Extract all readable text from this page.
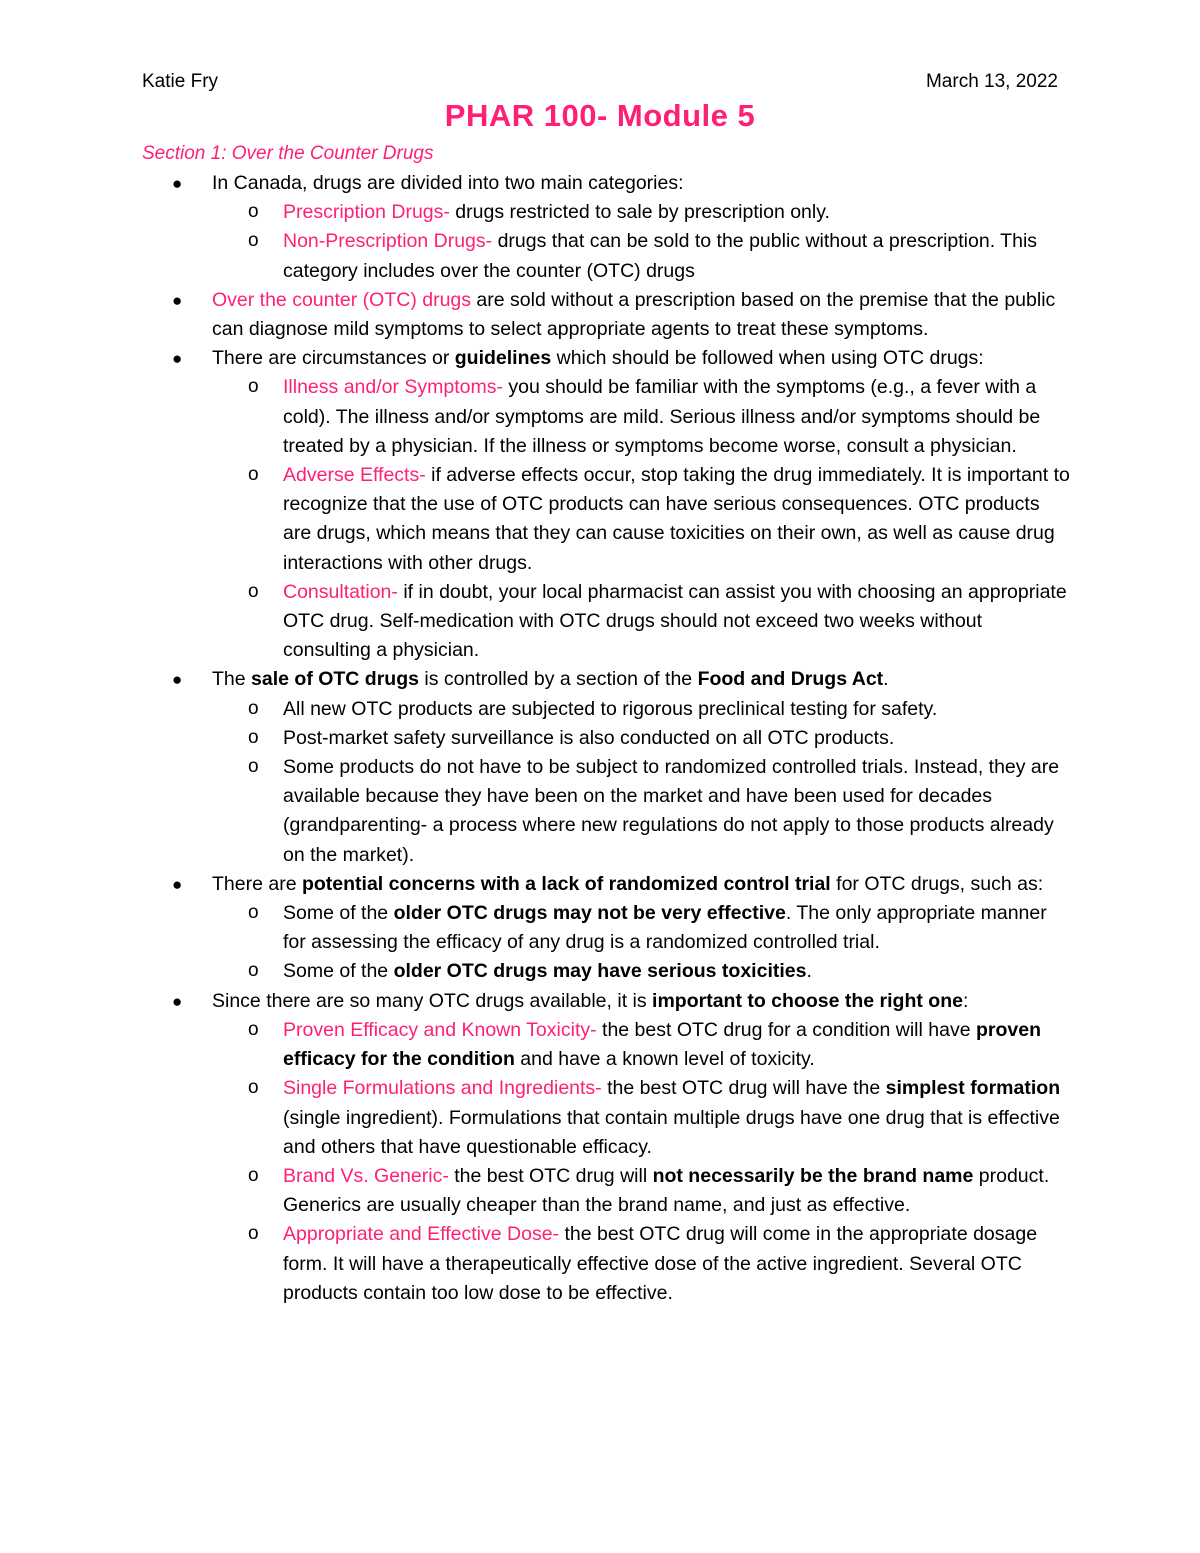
Katie Fry	March 13, 2022
PHAR 100- Module 5
Section 1: Over the Counter Drugs
● In Canada, drugs are divided into two main categories:
o Prescription Drugs- drugs restricted to sale by prescription only.
o Non-Prescription Drugs- drugs that can be sold to the public without a prescription. This category includes over the counter (OTC) drugs
● Over the counter (OTC) drugs are sold without a prescription based on the premise that the public can diagnose mild symptoms to select appropriate agents to treat these symptoms.
● There are circumstances or guidelines which should be followed when using OTC drugs:
o Illness and/or Symptoms- you should be familiar with the symptoms (e.g., a fever with a cold). The illness and/or symptoms are mild. Serious illness and/or symptoms should be treated by a physician. If the illness or symptoms become worse, consult a physician.
o Adverse Effects- if adverse effects occur, stop taking the drug immediately. It is important to recognize that the use of OTC products can have serious consequences. OTC products are drugs, which means that they can cause toxicities on their own, as well as cause drug interactions with other drugs.
o Consultation- if in doubt, your local pharmacist can assist you with choosing an appropriate OTC drug. Self-medication with OTC drugs should not exceed two weeks without consulting a physician.
● The sale of OTC drugs is controlled by a section of the Food and Drugs Act.
o All new OTC products are subjected to rigorous preclinical testing for safety.
o Post-market safety surveillance is also conducted on all OTC products.
o Some products do not have to be subject to randomized controlled trials. Instead, they are available because they have been on the market and have been used for decades (grandparenting- a process where new regulations do not apply to those products already on the market).
● There are potential concerns with a lack of randomized control trial for OTC drugs, such as:
o Some of the older OTC drugs may not be very effective. The only appropriate manner for assessing the efficacy of any drug is a randomized controlled trial.
o Some of the older OTC drugs may have serious toxicities.
● Since there are so many OTC drugs available, it is important to choose the right one:
o Proven Efficacy and Known Toxicity- the best OTC drug for a condition will have proven efficacy for the condition and have a known level of toxicity.
o Single Formulations and Ingredients- the best OTC drug will have the simplest formation (single ingredient). Formulations that contain multiple drugs have one drug that is effective and others that have questionable efficacy.
o Brand Vs. Generic- the best OTC drug will not necessarily be the brand name product. Generics are usually cheaper than the brand name, and just as effective.
o Appropriate and Effective Dose- the best OTC drug will come in the appropriate dosage form. It will have a therapeutically effective dose of the active ingredient. Several OTC products contain too low dose to be effective.
